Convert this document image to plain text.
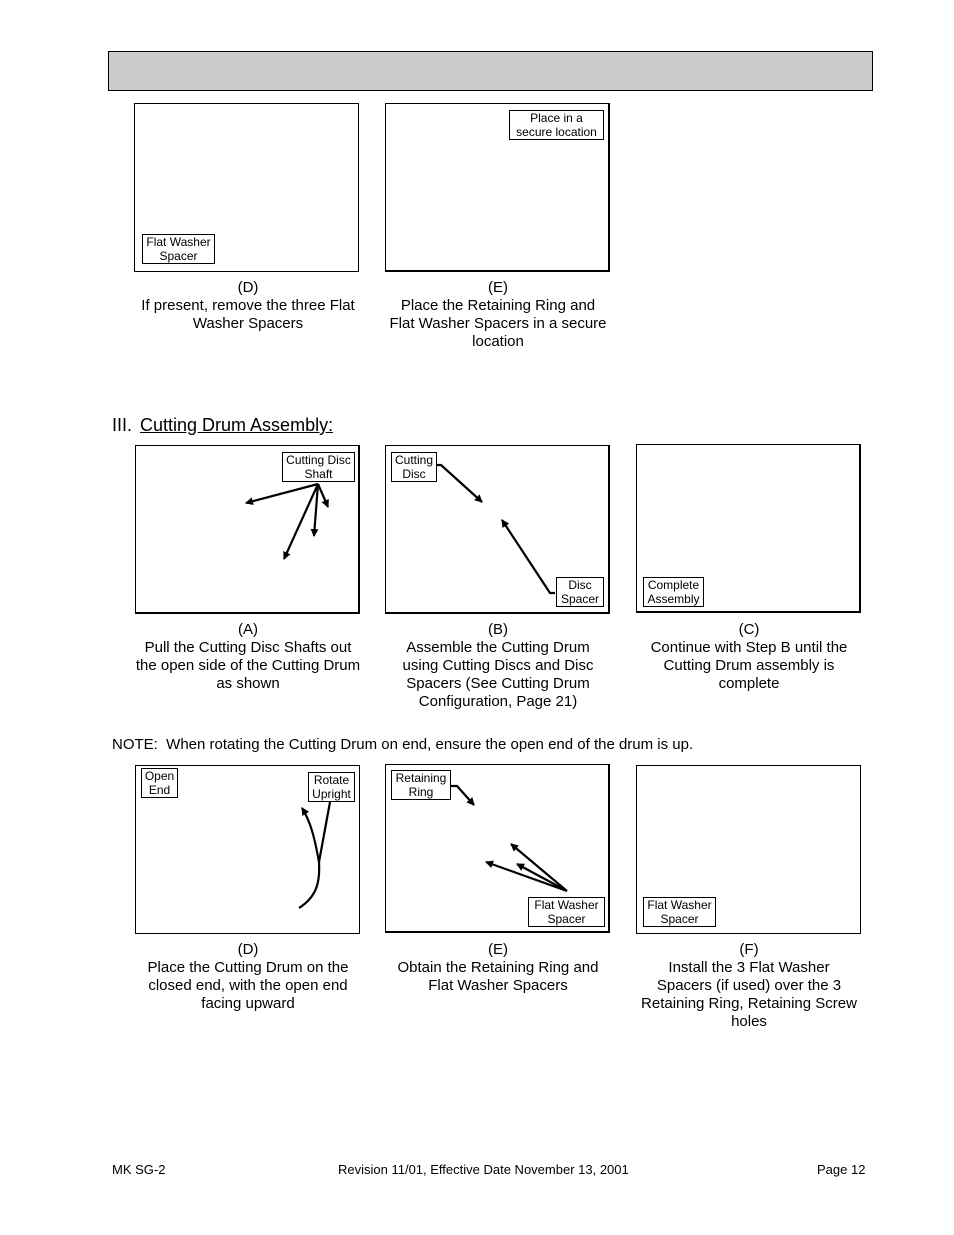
Flat Washer
Spacer
(D)
If present, remove the three Flat
Washer Spacers
Place in a
secure location
(E)
Place the Retaining Ring and
Flat Washer Spacers in a secure
location
III. Cutting Drum Assembly:
Cutting Disc
Shaft
(A)
Pull the Cutting Disc Shafts out
the open side of the Cutting Drum
as shown
Cutting
Disc
Disc
Spacer
(B)
Assemble the Cutting Drum
using Cutting Discs and Disc
Spacers (See Cutting Drum
Configuration, Page 21)
Complete
Assembly
(C)
Continue with Step B until the
Cutting Drum assembly is
complete
NOTE:  When rotating the Cutting Drum on end, ensure the open end of the drum is up.
Open
End
Rotate
Upright
(D)
Place the Cutting Drum on the
closed end, with the open end
facing upward
Retaining
Ring
Flat Washer
Spacer
(E)
Obtain the Retaining Ring and
Flat Washer Spacers
Flat Washer
Spacer
(F)
Install the 3 Flat Washer
Spacers (if used) over the 3
Retaining Ring, Retaining Screw
holes
MK SG-2	Revision 11/01, Effective Date November 13, 2001	Page 12
